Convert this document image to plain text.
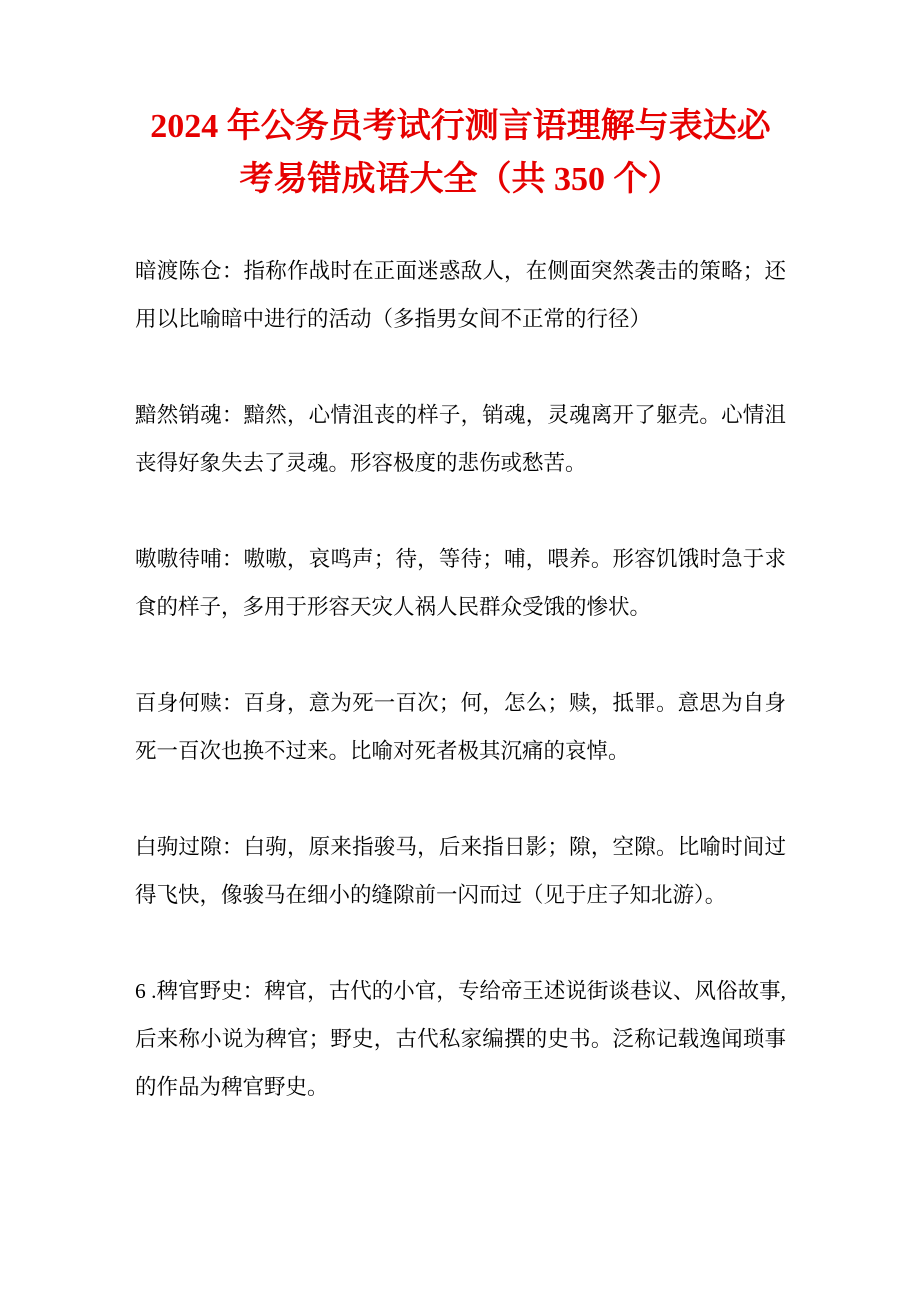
2024 年公务员考试行测言语理解与表达必
考易错成语大全（共 350 个）

暗渡陈仓：指称作战时在正面迷惑敌人，在侧面突然袭击的策略；还用以比喻暗中进行的活动（多指男女间不正常的行径）

黯然销魂：黯然，心情沮丧的样子，销魂，灵魂离开了躯壳。心情沮丧得好象失去了灵魂。形容极度的悲伤或愁苦。

嗷嗷待哺：嗷嗷，哀鸣声；待，等待；哺，喂养。形容饥饿时急于求食的样子，多用于形容天灾人祸人民群众受饿的惨状。

百身何赎：百身，意为死一百次；何，怎么；赎，抵罪。意思为自身死一百次也换不过来。比喻对死者极其沉痛的哀悼。

白驹过隙：白驹，原来指骏马，后来指日影；隙，空隙。比喻时间过得飞快，像骏马在细小的缝隙前一闪而过（见于庄子知北游）。

6 .稗官野史：稗官，古代的小官，专给帝王述说街谈巷议、风俗故事,后来称小说为稗官；野史，古代私家编撰的史书。泛称记载逸闻琐事的作品为稗官野史。
